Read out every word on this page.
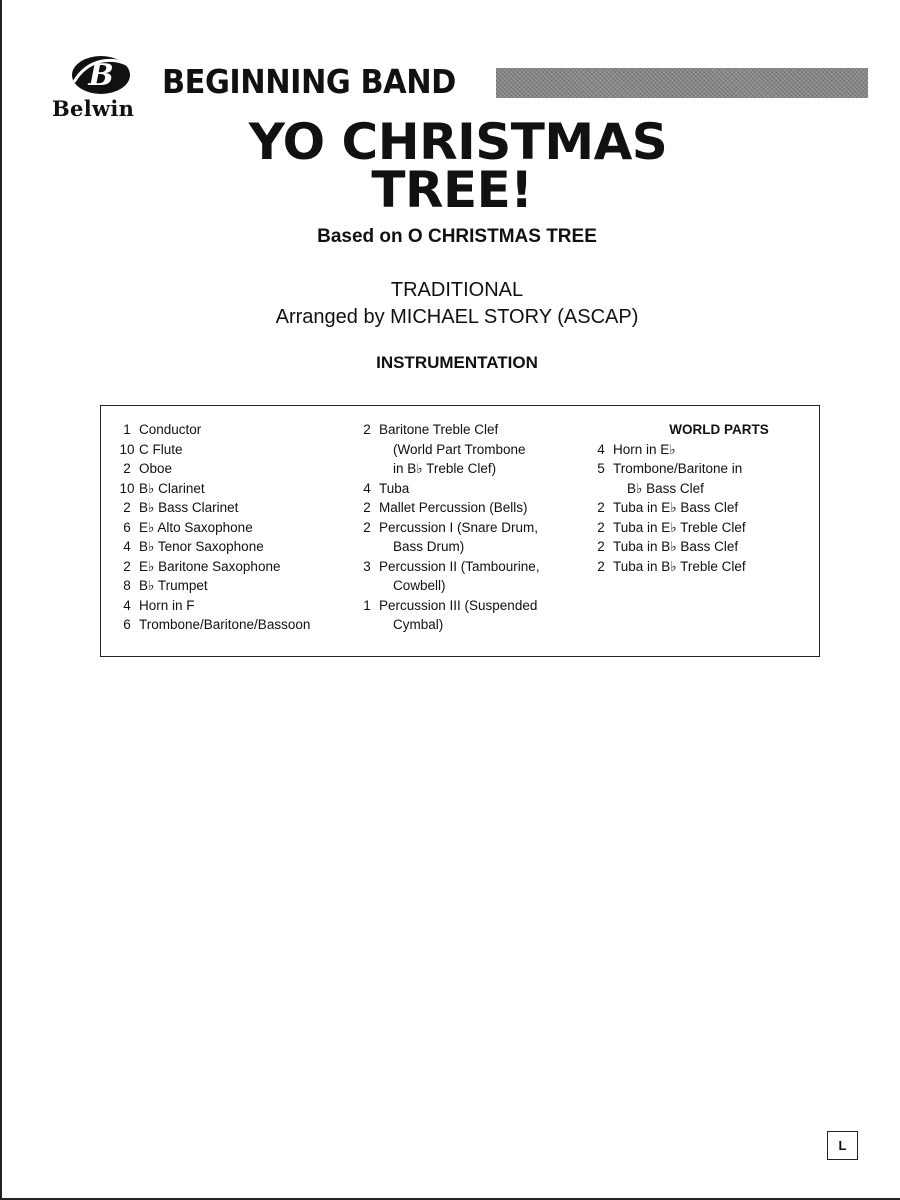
B
Belwin
BEGINNING BAND
YO CHRISTMAS
TREE!
Based on O CHRISTMAS TREE
TRADITIONAL
Arranged by MICHAEL STORY (ASCAP)
INSTRUMENTATION
1 Conductor
10 C Flute
2 Oboe
10 B♭ Clarinet
2 B♭ Bass Clarinet
6 E♭ Alto Saxophone
4 B♭ Tenor Saxophone
2 E♭ Baritone Saxophone
8 B♭ Trumpet
4 Horn in F
6 Trombone/Baritone/Bassoon
2 Baritone Treble Clef
(World Part Trombone
in B♭ Treble Clef)
4 Tuba
2 Mallet Percussion (Bells)
2 Percussion I (Snare Drum,
Bass Drum)
3 Percussion II (Tambourine,
Cowbell)
1 Percussion III (Suspended
Cymbal)
WORLD PARTS
4 Horn in E♭
5 Trombone/Baritone in
B♭ Bass Clef
2 Tuba in E♭ Bass Clef
2 Tuba in E♭ Treble Clef
2 Tuba in B♭ Bass Clef
2 Tuba in B♭ Treble Clef
L
